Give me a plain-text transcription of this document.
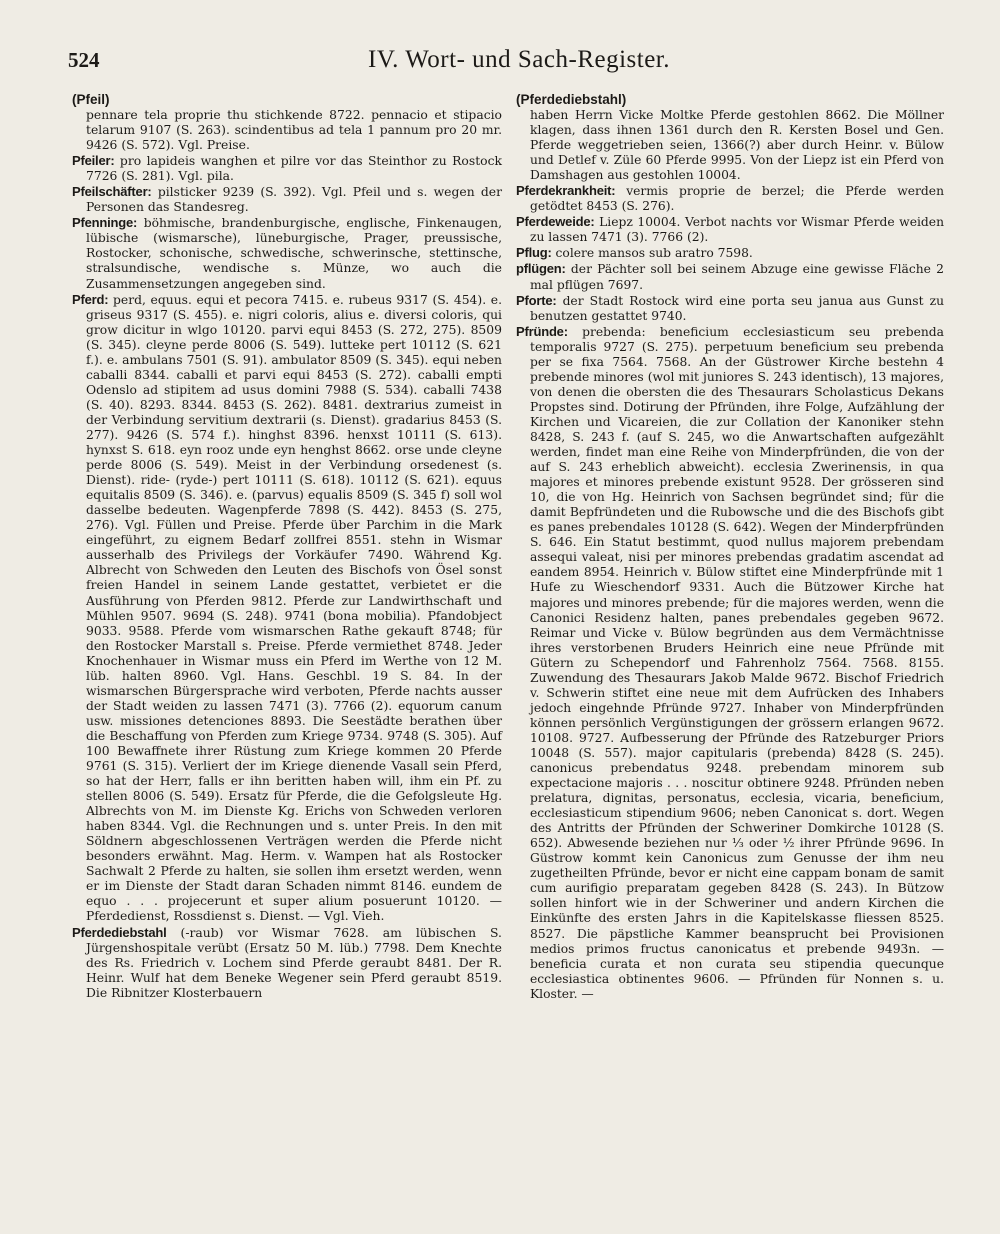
524	IV. Wort- und Sach-Register.
(Pfeil)

pennare tela proprie thu stichkende 8722. pennacio et stipacio telarum 9107 (S. 263). scindentibus ad tela 1 pannum pro 20 mr. 9426 (S. 572). Vgl. Preise.

Pfeiler: pro lapideis wanghen et pilre vor das Steinthor zu Rostock 7726 (S. 281). Vgl. pila.

Pfeilschäfter: pilsticker 9239 (S. 392). Vgl. Pfeil und s. wegen der Personen das Standesreg.

Pfenninge: böhmische, brandenburgische, englische, Finkenaugen, lübische (wismarsche), lüneburgische, Prager, preussische, Rostocker, schonische, schwedische, schwerinsche, stettinsche, stralsundische, wendische s. Münze, wo auch die Zusammensetzungen angegeben sind.

Pferd: perd, equus. equi et pecora 7415. e. rubeus 9317 (S. 454). e. griseus 9317 (S. 455). e. nigri coloris, alius e. diversi coloris, qui grow dicitur in wlgo 10120. parvi equi 8453 (S. 272, 275). 8509 (S. 345). cleyne perde 8006 (S. 549). lutteke pert 10112 (S. 621 f.). e. ambulans 7501 (S. 91). ambulator 8509 (S. 345). equi neben caballi 8344. caballi et parvi equi 8453 (S. 272). caballi empti Odenslo ad stipitem ad usus domini 7988 (S. 534). caballi 7438 (S. 40). 8293. 8344. 8453 (S. 262). 8481. dextrarius zumeist in der Verbindung servitium dextrarii (s. Dienst). gradarius 8453 (S. 277). 9426 (S. 574 f.). hinghst 8396. henxst 10111 (S. 613). hynxst S. 618. eyn rooz unde eyn henghst 8662. orse unde cleyne perde 8006 (S. 549). Meist in der Verbindung orsedenest (s. Dienst). ride- (ryde-) pert 10111 (S. 618). 10112 (S. 621). equus equitalis 8509 (S. 346). e. (parvus) equalis 8509 (S. 345 f) soll wol dasselbe bedeuten. Wagenpferde 7898 (S. 442). 8453 (S. 275, 276). Vgl. Füllen und Preise. Pferde über Parchim in die Mark eingeführt, zu eignem Bedarf zollfrei 8551. stehn in Wismar ausserhalb des Privilegs der Vorkäufer 7490. Während Kg. Albrecht von Schweden den Leuten des Bischofs von Ösel sonst freien Handel in seinem Lande gestattet, verbietet er die Ausführung von Pferden 9812. Pferde zur Landwirthschaft und Mühlen 9507. 9694 (S. 248). 9741 (bona mobilia). Pfandobject 9033. 9588. Pferde vom wismarschen Rathe gekauft 8748; für den Rostocker Marstall s. Preise. Pferde vermiethet 8748. Jeder Knochenhauer in Wismar muss ein Pferd im Werthe von 12 M. lüb. halten 8960. Vgl. Hans. Geschbl. 19 S. 84. In der wismarschen Bürgersprache wird verboten, Pferde nachts ausser der Stadt weiden zu lassen 7471 (3). 7766 (2). equorum canum usw. missiones detenciones 8893. Die Seestädte berathen über die Beschaffung von Pferden zum Kriege 9734. 9748 (S. 305). Auf 100 Bewaffnete ihrer Rüstung zum Kriege kommen 20 Pferde 9761 (S. 315). Verliert der im Kriege dienende Vasall sein Pferd, so hat der Herr, falls er ihn beritten haben will, ihm ein Pf. zu stellen 8006 (S. 549). Ersatz für Pferde, die die Gefolgsleute Hg. Albrechts von M. im Dienste Kg. Erichs von Schweden verloren haben 8344. Vgl. die Rechnungen und s. unter Preis. In den mit Söldnern abgeschlossenen Verträgen werden die Pferde nicht besonders erwähnt. Mag. Herm. v. Wampen hat als Rostocker Sachwalt 2 Pferde zu halten, sie sollen ihm ersetzt werden, wenn er im Dienste der Stadt daran Schaden nimmt 8146. eundem de equo . . . projecerunt et super alium posuerunt 10120. — Pferdedienst, Rossdienst s. Dienst. — Vgl. Vieh.

Pferdediebstahl (-raub) vor Wismar 7628. am lübischen S. Jürgenshospitale verübt (Ersatz 50 M. lüb.) 7798. Dem Knechte des Rs. Friedrich v. Lochem sind Pferde geraubt 8481. Der R. Heinr. Wulf hat dem Beneke Wegener sein Pferd geraubt 8519. Die Ribnitzer Klosterbauern

(Pferdediebstahl)

haben Herrn Vicke Moltke Pferde gestohlen 8662. Die Möllner klagen, dass ihnen 1361 durch den R. Kersten Bosel und Gen. Pferde weggetrieben seien, 1366(?) aber durch Heinr. v. Bülow und Detlef v. Züle 60 Pferde 9995. Von der Liepz ist ein Pferd von Damshagen aus gestohlen 10004.

Pferdekrankheit: vermis proprie de berzel; die Pferde werden getödtet 8453 (S. 276).

Pferdeweide: Liepz 10004. Verbot nachts vor Wismar Pferde weiden zu lassen 7471 (3). 7766 (2).

Pflug: colere mansos sub aratro 7598.

pflügen: der Pächter soll bei seinem Abzuge eine gewisse Fläche 2 mal pflügen 7697.

Pforte: der Stadt Rostock wird eine porta seu janua aus Gunst zu benutzen gestattet 9740.

Pfründe: prebenda: beneficium ecclesiasticum seu prebenda temporalis 9727 (S. 275). perpetuum beneficium seu prebenda per se fixa 7564. 7568. An der Güstrower Kirche bestehn 4 prebende minores (wol mit juniores S. 243 identisch), 13 majores, von denen die obersten die des Thesaurars Scholasticus Dekans Propstes sind. Dotirung der Pfründen, ihre Folge, Aufzählung der Kirchen und Vicareien, die zur Collation der Kanoniker stehn 8428, S. 243 f. (auf S. 245, wo die Anwartschaften aufgezählt werden, findet man eine Reihe von Minderpfründen, die von der auf S. 243 erheblich abweicht). ecclesia Zwerinensis, in qua majores et minores prebende existunt 9528. Der grösseren sind 10, die von Hg. Heinrich von Sachsen begründet sind; für die damit Bepfründeten und die Rubowsche und die des Bischofs gibt es panes prebendales 10128 (S. 642). Wegen der Minderpfründen S. 646. Ein Statut bestimmt, quod nullus majorem prebendam assequi valeat, nisi per minores prebendas gradatim ascendat ad eandem 8954. Heinrich v. Bülow stiftet eine Minderpfründe mit 1 Hufe zu Wieschendorf 9331. Auch die Bützower Kirche hat majores und minores prebende; für die majores werden, wenn die Canonici Residenz halten, panes prebendales gegeben 9672. Reimar und Vicke v. Bülow begründen aus dem Vermächtnisse ihres verstorbenen Bruders Heinrich eine neue Pfründe mit Gütern zu Schependorf und Fahrenholz 7564. 7568. 8155. Zuwendung des Thesaurars Jakob Malde 9672. Bischof Friedrich v. Schwerin stiftet eine neue mit dem Aufrücken des Inhabers jedoch eingehnde Pfründe 9727. Inhaber von Minderpfründen können persönlich Vergünstigungen der grössern erlangen 9672. 10108. 9727. Aufbesserung der Pfründe des Ratzeburger Priors 10048 (S. 557). major capitularis (prebenda) 8428 (S. 245). canonicus prebendatus 9248. prebendam minorem sub expectacione majoris . . . noscitur obtinere 9248. Pfründen neben prelatura, dignitas, personatus, ecclesia, vicaria, beneficium, ecclesiasticum stipendium 9606; neben Canonicat s. dort. Wegen des Antritts der Pfründen der Schweriner Domkirche 10128 (S. 652). Abwesende beziehen nur ⅓ oder ½ ihrer Pfründe 9696. In Güstrow kommt kein Canonicus zum Genusse der ihm neu zugetheilten Pfründe, bevor er nicht eine cappam bonam de samit cum aurifigio preparatam gegeben 8428 (S. 243). In Bützow sollen hinfort wie in der Schweriner und andern Kirchen die Einkünfte des ersten Jahrs in die Kapitelskasse fliessen 8525. 8527. Die päpstliche Kammer beansprucht bei Provisionen medios primos fructus canonicatus et prebende 9493n. — beneficia curata et non curata seu stipendia quecunque ecclesiastica obtinentes 9606. — Pfründen für Nonnen s. u. Kloster. —
